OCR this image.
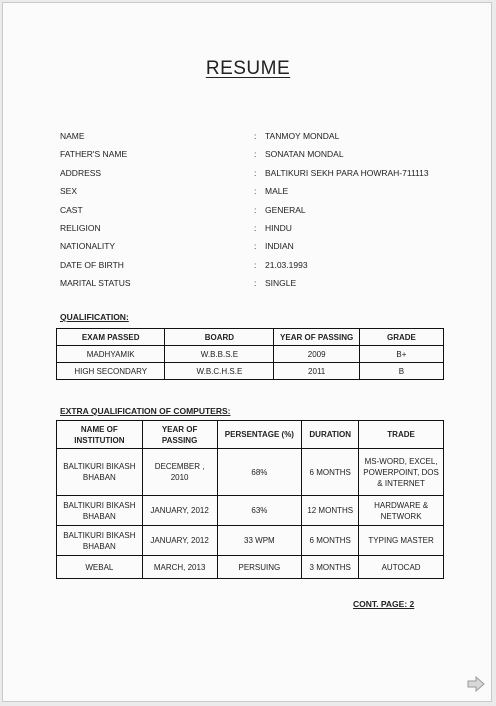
RESUME
NAME	: TANMOY MONDAL
FATHER'S NAME	: SONATAN MONDAL
ADDRESS	: BALTIKURI SEKH PARA HOWRAH-711113
SEX	: MALE
CAST	: GENERAL
RELIGION	: HINDU
NATIONALITY	: INDIAN
DATE OF BIRTH	: 21.03.1993
MARITAL STATUS	: SINGLE
QUALIFICATION:
EXAM PASSED	BOARD	YEAR OF PASSING	GRADE
MADHYAMIK	W.B.B.S.E	2009	B+
HIGH SECONDARY	W.B.C.H.S.E	2011	B
EXTRA QUALIFICATION OF COMPUTERS:
NAME OF INSTITUTION	YEAR OF PASSING	PERSENTAGE (%)	DURATION	TRADE
BALTIKURI BIKASH BHABAN	DECEMBER , 2010	68%	6 MONTHS	MS-WORD, EXCEL, POWERPOINT, DOS & INTERNET
BALTIKURI BIKASH BHABAN	JANUARY, 2012	63%	12 MONTHS	HARDWARE & NETWORK
BALTIKURI BIKASH BHABAN	JANUARY, 2012	33 WPM	6 MONTHS	TYPING MASTER
WEBAL	MARCH, 2013	PERSUING	3 MONTHS	AUTOCAD
CONT. PAGE: 2
